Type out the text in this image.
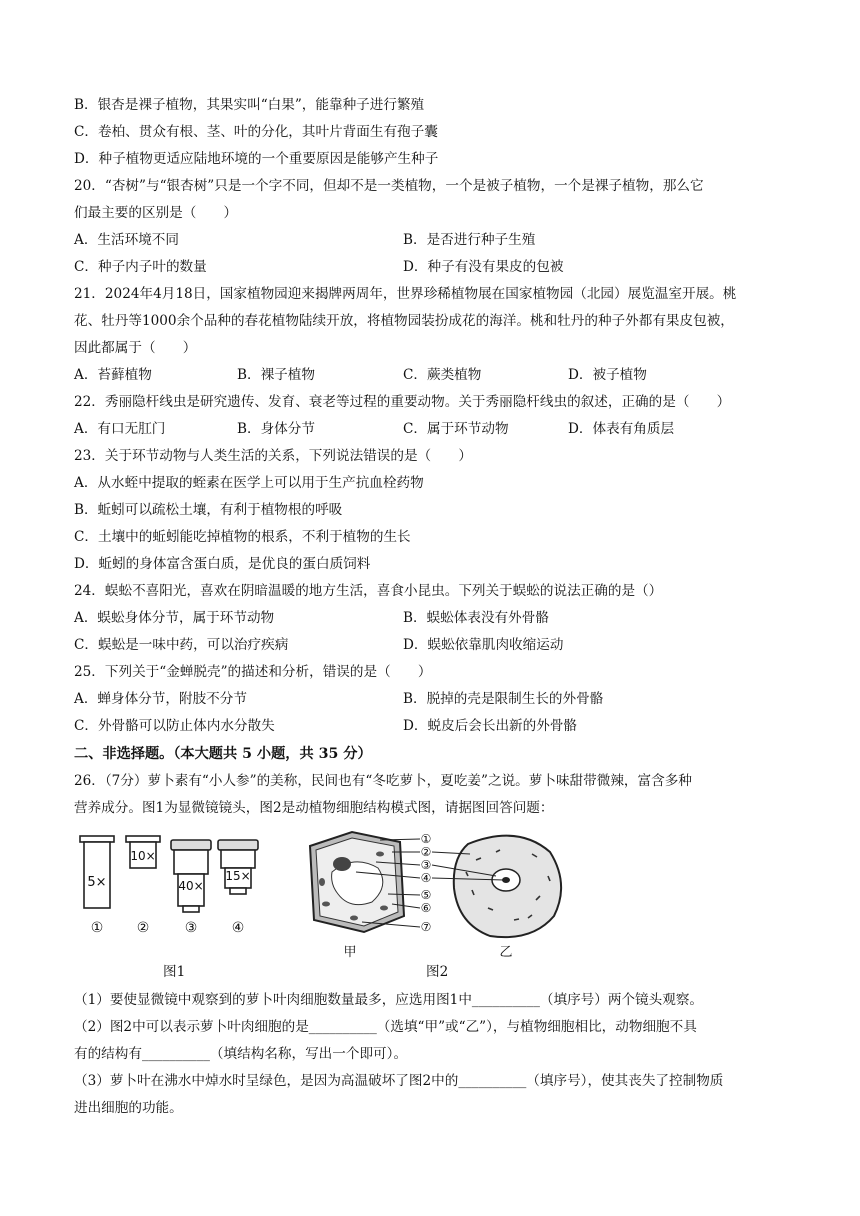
B．银杏是裸子植物，其果实叫“白果”，能靠种子进行繁殖
C．卷柏、贯众有根、茎、叶的分化，其叶片背面生有孢子囊
D．种子植物更适应陆地环境的一个重要原因是能够产生种子
20．“杏树”与“银杏树”只是一个字不同，但却不是一类植物，一个是被子植物，一个是裸子植物，那么它
们最主要的区别是（　　）
A．生活环境不同	B．是否进行种子生殖
C．种子内子叶的数量	D．种子有没有果皮的包被
21．2024年4月18日，国家植物园迎来揭牌两周年，世界珍稀植物展在国家植物园（北园）展览温室开展。桃
花、牡丹等1000余个品种的春花植物陆续开放，将植物园装扮成花的海洋。桃和牡丹的种子外都有果皮包被，
因此都属于（　　）
A．苔藓植物	B．裸子植物	C．蕨类植物	D．被子植物
22．秀丽隐杆线虫是研究遗传、发育、衰老等过程的重要动物。关于秀丽隐杆线虫的叙述，正确的是（　　）
A．有口无肛门	B．身体分节	C．属于环节动物	D．体表有角质层
23．关于环节动物与人类生活的关系，下列说法错误的是（　　）
A．从水蛭中提取的蛭素在医学上可以用于生产抗血栓药物
B．蚯蚓可以疏松土壤，有利于植物根的呼吸
C．土壤中的蚯蚓能吃掉植物的根系，不利于植物的生长
D．蚯蚓的身体富含蛋白质，是优良的蛋白质饲料
24．蜈蚣不喜阳光，喜欢在阴暗温暖的地方生活，喜食小昆虫。下列关于蜈蚣的说法正确的是（）
A．蜈蚣身体分节，属于环节动物	B．蜈蚣体表没有外骨骼
C．蜈蚣是一味中药，可以治疗疾病	D．蜈蚣依靠肌肉收缩运动
25．下列关于“金蝉脱壳”的描述和分析，错误的是（　　）
A．蝉身体分节，附肢不分节	B．脱掉的壳是限制生长的外骨骼
C．外骨骼可以防止体内水分散失	D．蜕皮后会长出新的外骨骼
二、非选择题。（本大题共 5 小题，共 35 分）
26．（7分）萝卜素有“小人参”的美称，民间也有“冬吃萝卜，夏吃姜”之说。萝卜味甜带微辣，富含多种
营养成分。图1为显微镜镜头，图2是动植物细胞结构模式图，请据图回答问题：
5×
10×
40×
15×
① ②	③ ④
①
②
③
④
⑤
⑥
⑦
甲	乙
图1	图2
（1）要使显微镜中观察到的萝卜叶肉细胞数量最多，应选用图1中__________（填序号）两个镜头观察。
（2）图2中可以表示萝卜叶肉细胞的是__________（选填“甲”或“乙”），与植物细胞相比，动物细胞不具
有的结构有__________（填结构名称，写出一个即可）。
（3）萝卜叶在沸水中焯水时呈绿色，是因为高温破坏了图2中的__________（填序号），使其丧失了控制物质
进出细胞的功能。
